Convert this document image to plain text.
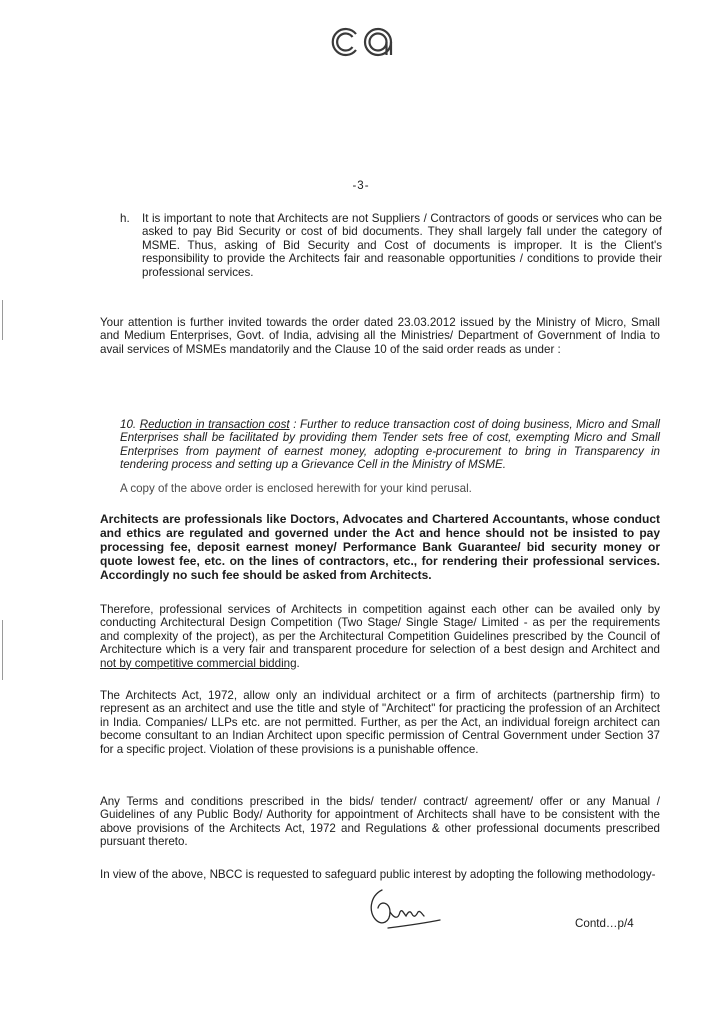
-3-
h. It is important to note that Architects are not Suppliers / Contractors of goods or services who can be asked to pay Bid Security or cost of bid documents. They shall largely fall under the category of MSME. Thus, asking of Bid Security and Cost of documents is improper. It is the Client's responsibility to provide the Architects fair and reasonable opportunities / conditions to provide their professional services.
Your attention is further invited towards the order dated 23.03.2012 issued by the Ministry of Micro, Small and Medium Enterprises, Govt. of India, advising all the Ministries/ Department of Government of India to avail services of MSMEs mandatorily and the Clause 10 of the said order reads as under :
10. Reduction in transaction cost : Further to reduce transaction cost of doing business, Micro and Small Enterprises shall be facilitated by providing them Tender sets free of cost, exempting Micro and Small Enterprises from payment of earnest money, adopting e-procurement to bring in Transparency in tendering process and setting up a Grievance Cell in the Ministry of MSME.
A copy of the above order is enclosed herewith for your kind perusal.
Architects are professionals like Doctors, Advocates and Chartered Accountants, whose conduct and ethics are regulated and governed under the Act and hence should not be insisted to pay processing fee, deposit earnest money/ Performance Bank Guarantee/ bid security money or quote lowest fee, etc. on the lines of contractors, etc., for rendering their professional services. Accordingly no such fee should be asked from Architects.
Therefore, professional services of Architects in competition against each other can be availed only by conducting Architectural Design Competition (Two Stage/ Single Stage/ Limited - as per the requirements and complexity of the project), as per the Architectural Competition Guidelines prescribed by the Council of Architecture which is a very fair and transparent procedure for selection of a best design and Architect and not by competitive commercial bidding.
The Architects Act, 1972, allow only an individual architect or a firm of architects (partnership firm) to represent as an architect and use the title and style of "Architect" for practicing the profession of an Architect in India. Companies/ LLPs etc. are not permitted. Further, as per the Act, an individual foreign architect can become consultant to an Indian Architect upon specific permission of Central Government under Section 37 for a specific project. Violation of these provisions is a punishable offence.
Any Terms and conditions prescribed in the bids/ tender/ contract/ agreement/ offer or any Manual / Guidelines of any Public Body/ Authority for appointment of Architects shall have to be consistent with the above provisions of the Architects Act, 1972 and Regulations & other professional documents prescribed pursuant thereto.
In view of the above, NBCC is requested to safeguard public interest by adopting the following methodology-
Contd…p/4
